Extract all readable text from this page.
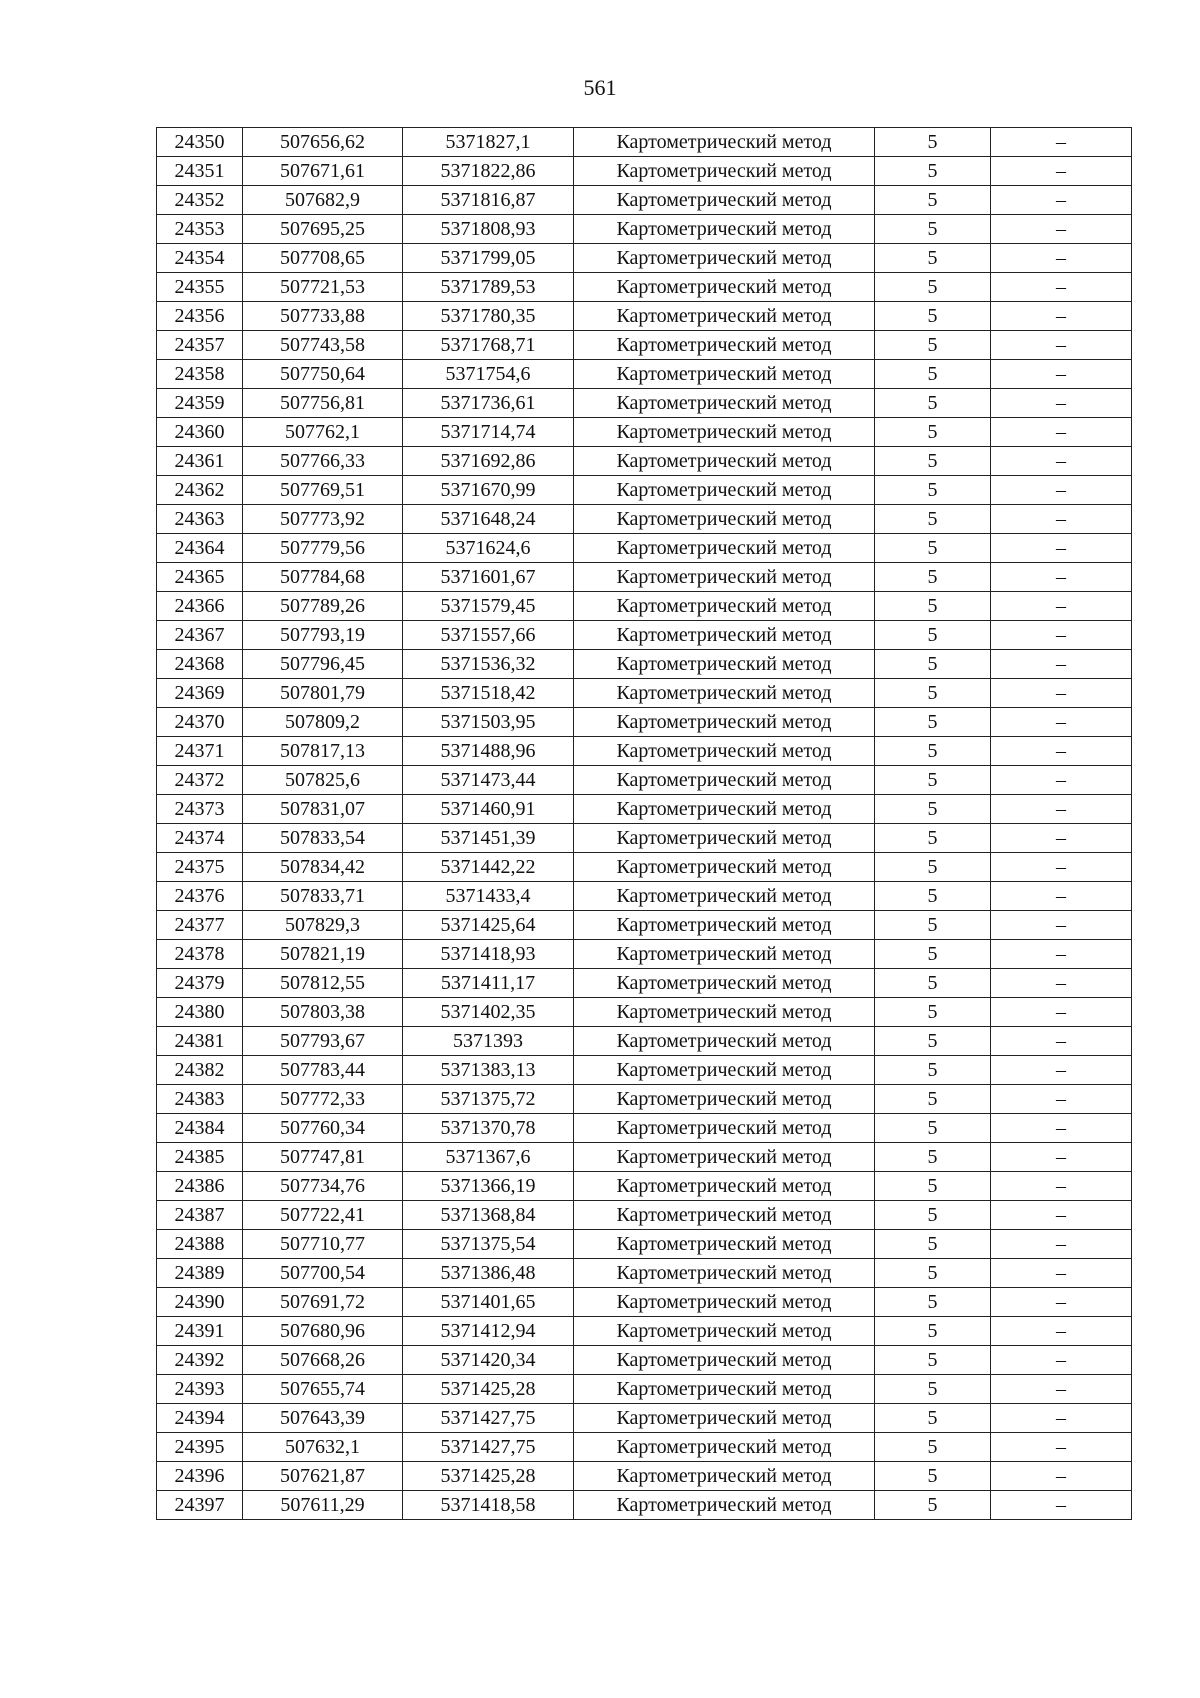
561
24350	507656,62	5371827,1	Картометрический метод	5	–
24351	507671,61	5371822,86	Картометрический метод	5	–
24352	507682,9	5371816,87	Картометрический метод	5	–
24353	507695,25	5371808,93	Картометрический метод	5	–
24354	507708,65	5371799,05	Картометрический метод	5	–
24355	507721,53	5371789,53	Картометрический метод	5	–
24356	507733,88	5371780,35	Картометрический метод	5	–
24357	507743,58	5371768,71	Картометрический метод	5	–
24358	507750,64	5371754,6	Картометрический метод	5	–
24359	507756,81	5371736,61	Картометрический метод	5	–
24360	507762,1	5371714,74	Картометрический метод	5	–
24361	507766,33	5371692,86	Картометрический метод	5	–
24362	507769,51	5371670,99	Картометрический метод	5	–
24363	507773,92	5371648,24	Картометрический метод	5	–
24364	507779,56	5371624,6	Картометрический метод	5	–
24365	507784,68	5371601,67	Картометрический метод	5	–
24366	507789,26	5371579,45	Картометрический метод	5	–
24367	507793,19	5371557,66	Картометрический метод	5	–
24368	507796,45	5371536,32	Картометрический метод	5	–
24369	507801,79	5371518,42	Картометрический метод	5	–
24370	507809,2	5371503,95	Картометрический метод	5	–
24371	507817,13	5371488,96	Картометрический метод	5	–
24372	507825,6	5371473,44	Картометрический метод	5	–
24373	507831,07	5371460,91	Картометрический метод	5	–
24374	507833,54	5371451,39	Картометрический метод	5	–
24375	507834,42	5371442,22	Картометрический метод	5	–
24376	507833,71	5371433,4	Картометрический метод	5	–
24377	507829,3	5371425,64	Картометрический метод	5	–
24378	507821,19	5371418,93	Картометрический метод	5	–
24379	507812,55	5371411,17	Картометрический метод	5	–
24380	507803,38	5371402,35	Картометрический метод	5	–
24381	507793,67	5371393	Картометрический метод	5	–
24382	507783,44	5371383,13	Картометрический метод	5	–
24383	507772,33	5371375,72	Картометрический метод	5	–
24384	507760,34	5371370,78	Картометрический метод	5	–
24385	507747,81	5371367,6	Картометрический метод	5	–
24386	507734,76	5371366,19	Картометрический метод	5	–
24387	507722,41	5371368,84	Картометрический метод	5	–
24388	507710,77	5371375,54	Картометрический метод	5	–
24389	507700,54	5371386,48	Картометрический метод	5	–
24390	507691,72	5371401,65	Картометрический метод	5	–
24391	507680,96	5371412,94	Картометрический метод	5	–
24392	507668,26	5371420,34	Картометрический метод	5	–
24393	507655,74	5371425,28	Картометрический метод	5	–
24394	507643,39	5371427,75	Картометрический метод	5	–
24395	507632,1	5371427,75	Картометрический метод	5	–
24396	507621,87	5371425,28	Картометрический метод	5	–
24397	507611,29	5371418,58	Картометрический метод	5	–
